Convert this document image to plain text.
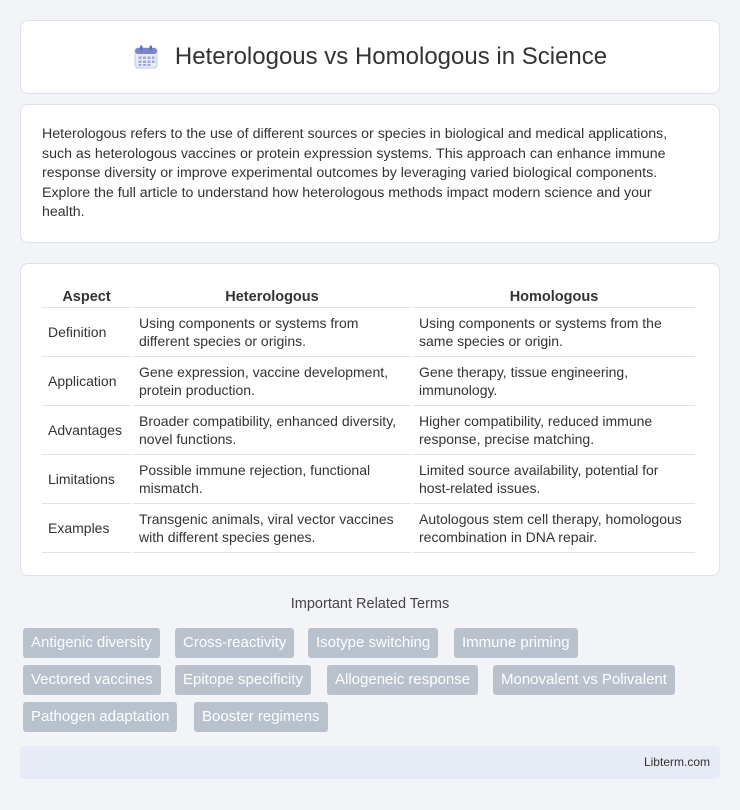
Heterologous vs Homologous in Science

Heterologous refers to the use of different sources or species in biological and medical applications, such as heterologous vaccines or protein expression systems. This approach can enhance immune response diversity or improve experimental outcomes by leveraging varied biological components. Explore the full article to understand how heterologous methods impact modern science and your health.

Aspect	Heterologous	Homologous
Definition	Using components or systems from different species or origins.	Using components or systems from the same species or origin.
Application	Gene expression, vaccine development, protein production.	Gene therapy, tissue engineering, immunology.
Advantages	Broader compatibility, enhanced diversity, novel functions.	Higher compatibility, reduced immune response, precise matching.
Limitations	Possible immune rejection, functional mismatch.	Limited source availability, potential for host-related issues.
Examples	Transgenic animals, viral vector vaccines with different species genes.	Autologous stem cell therapy, homologous recombination in DNA repair.
Important Related Terms
Antigenic diversity	Cross-reactivity	Isotype switching	Immune priming
Vectored vaccines	Epitope specificity	Allogeneic response	Monovalent vs Polivalent
Pathogen adaptation	Booster regimens
Libterm.com
